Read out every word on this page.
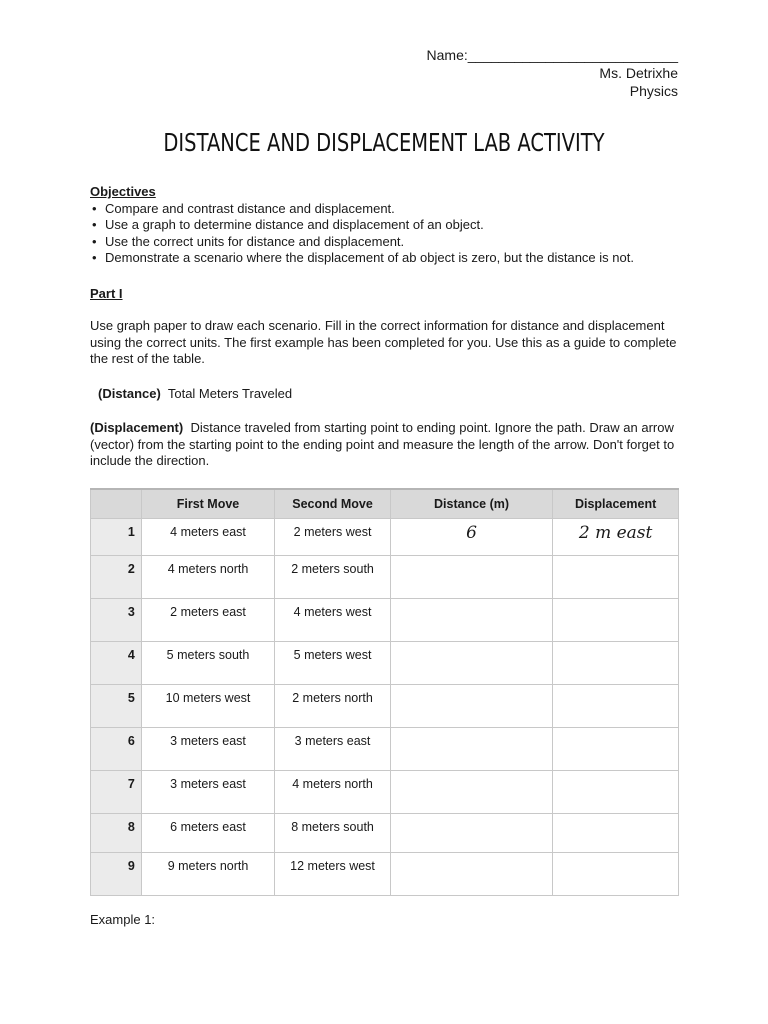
Name:___________________________
Ms. Detrixhe
Physics
DISTANCE AND DISPLACEMENT LAB ACTIVITY
Objectives
• Compare and contrast distance and displacement.
• Use a graph to determine distance and displacement of an object.
• Use the correct units for distance and displacement.
• Demonstrate a scenario where the displacement of ab object is zero, but the distance is not.
Part I
Use graph paper to draw each scenario. Fill in the correct information for distance and displacement using the correct units. The first example has been completed for you. Use this as a guide to complete the rest of the table.
(Distance) Total Meters Traveled
(Displacement) Distance traveled from starting point to ending point. Ignore the path. Draw an arrow (vector) from the starting point to the ending point and measure the length of the arrow. Don't forget to include the direction.
	First Move	Second Move	Distance (m)	Displacement
1	4 meters east	2 meters west	6	2 m east
2	4 meters north	2 meters south		
3	2 meters east	4 meters west		
4	5 meters south	5 meters west		
5	10 meters west	2 meters north		
6	3 meters east	3 meters east		
7	3 meters east	4 meters north		
8	6 meters east	8 meters south		
9	9 meters north	12 meters west		
Example 1:
